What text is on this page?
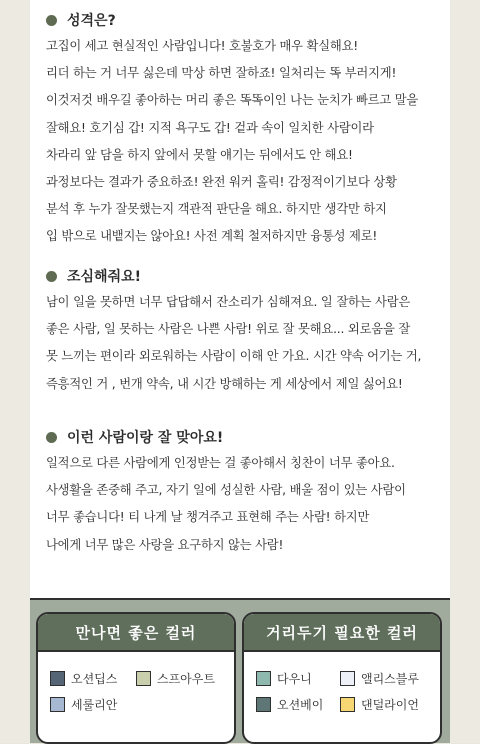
성격은?
고집이 세고 현실적인 사람입니다! 호불호가 매우 확실해요!
리더 하는 거 너무 싫은데 막상 하면 잘하죠! 일처리는 똑 부러지게!
이것저것 배우길 좋아하는 머리 좋은 똑똑이인 나는 눈치가 빠르고 말을
잘해요! 호기심 갑! 지적 욕구도 갑! 겉과 속이 일치한 사람이라
차라리 앞 담을 하지 앞에서 못할 얘기는 뒤에서도 안 해요!
과정보다는 결과가 중요하죠! 완전 워커 홀릭! 감정적이기보다 상황
분석 후 누가 잘못했는지 객관적 판단을 해요. 하지만 생각만 하지
입 밖으로 내뱉지는 않아요! 사전 계획 철저하지만 융통성 제로!
조심해줘요!
남이 일을 못하면 너무 답답해서 잔소리가 심해져요. 일 잘하는 사람은
좋은 사람, 일 못하는 사람은 나쁜 사람! 위로 잘 못해요... 외로움을 잘
못 느끼는 편이라 외로워하는 사람이 이해 안 가요. 시간 약속 어기는 거,
즉흥적인 거 , 번개 약속, 내 시간 방해하는 게 세상에서 제일 싫어요!
이런 사람이랑 잘 맞아요!
일적으로 다른 사람에게 인정받는 걸 좋아해서 칭찬이 너무 좋아요.
사생활을 존중해 주고, 자기 일에 성실한 사람, 배울 점이 있는 사람이
너무 좋습니다! 티 나게 날 챙겨주고 표현해 주는 사람! 하지만
나에게 너무 많은 사랑을 요구하지 않는 사람!
만나면 좋은 컬러
오션딥스	스프아우트
세룰리안
거리두기 필요한 컬러
다우니	앨리스블루
오션베이	댄덜라이언
